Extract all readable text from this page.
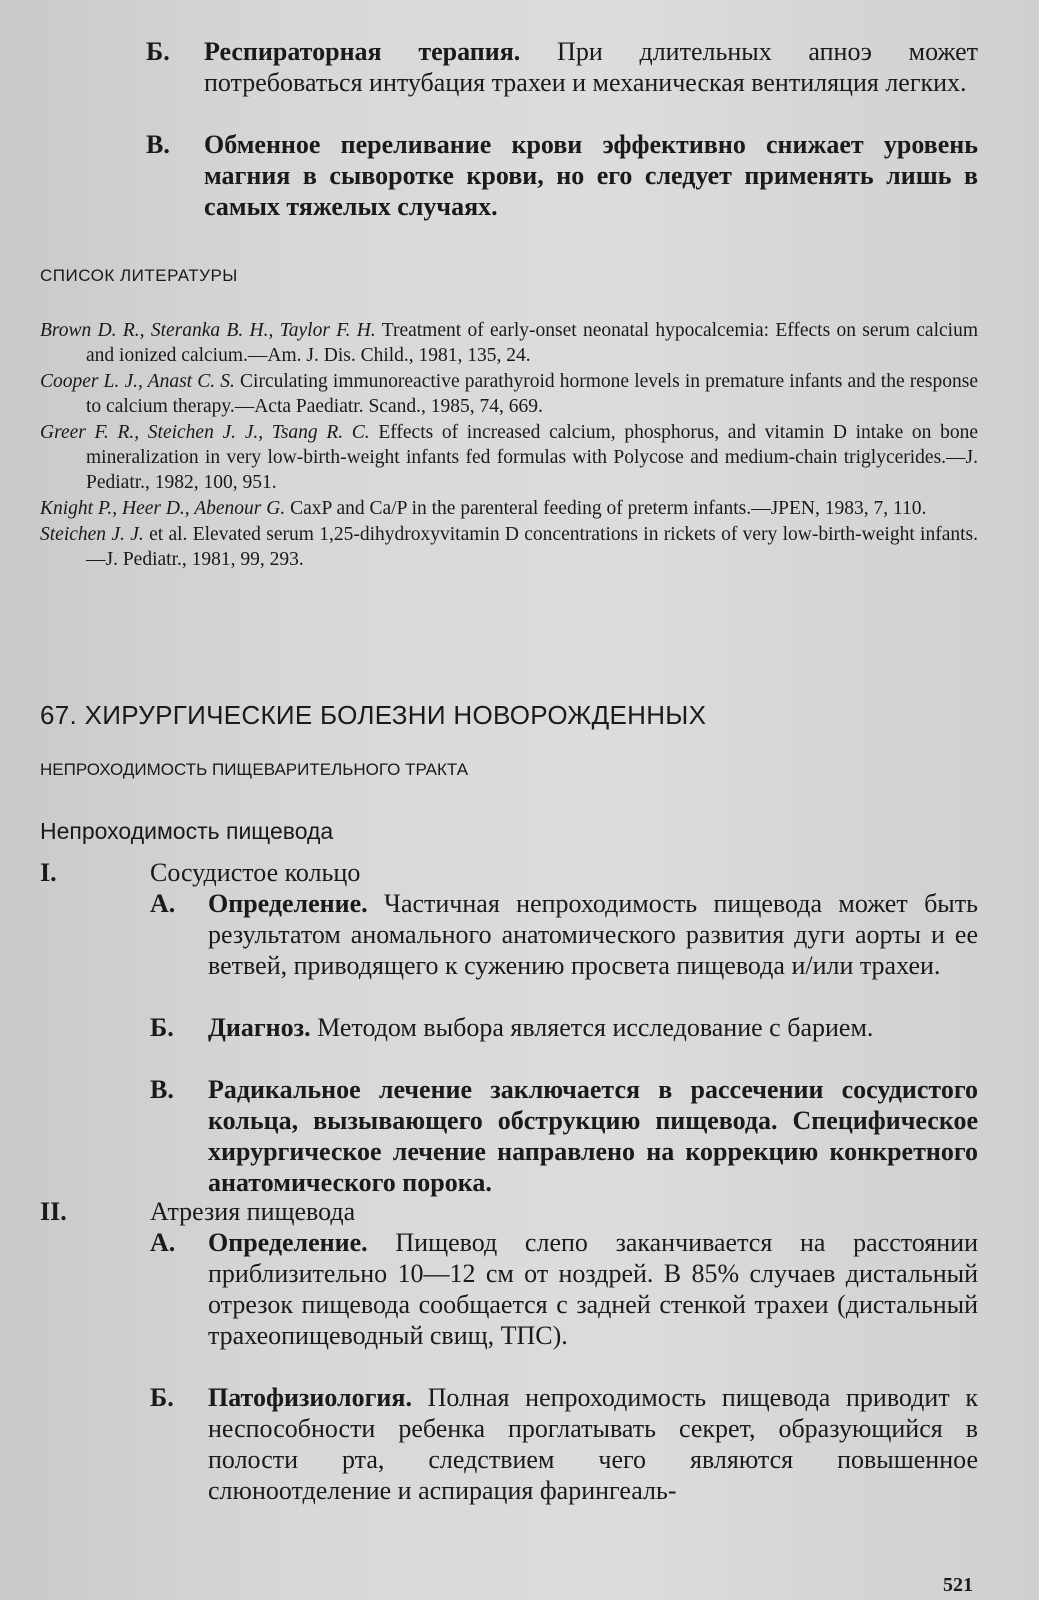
Б. Респираторная терапия. При длительных апноэ может потребоваться интубация трахеи и механическая вентиляция легких.
В. Обменное переливание крови эффективно снижает уровень магния в сыворотке крови, но его следует применять лишь в самых тяжелых случаях.
СПИСОК ЛИТЕРАТУРЫ

Brown D. R., Steranka B. H., Taylor F. H. Treatment of early-onset neonatal hypocalcemia: Effects on serum calcium and ionized calcium.—Am. J. Dis. Child., 1981, 135, 24.

Cooper L. J., Anast C. S. Circulating immunoreactive parathyroid hormone levels in premature infants and the response to calcium therapy.—Acta Paediatr. Scand., 1985, 74, 669.

Greer F. R., Steichen J. J., Tsang R. C. Effects of increased calcium, phosphorus, and vitamin D intake on bone mineralization in very low-birth-weight infants fed formulas with Polycose and medium-chain triglycerides.—J. Pediatr., 1982, 100, 951.

Knight P., Heer D., Abenour G. CaxP and Ca/P in the parenteral feeding of preterm infants.—JPEN, 1983, 7, 110.

Steichen J. J. et al. Elevated serum 1,25-dihydroxyvitamin D concentrations in rickets of very low-birth-weight infants.—J. Pediatr., 1981, 99, 293.

67. ХИРУРГИЧЕСКИЕ БОЛЕЗНИ НОВОРОЖДЕННЫХ
НЕПРОХОДИМОСТЬ ПИЩЕВАРИТЕЛЬНОГО ТРАКТА
Непроходимость пищевода
I.	Сосудистое кольцо
А. Определение. Частичная непроходимость пищевода может быть результатом аномального анатомического развития дуги аорты и ее ветвей, приводящего к сужению просвета пищевода и/или трахеи.
Б. Диагноз. Методом выбора является исследование с барием.
В. Радикальное лечение заключается в рассечении сосудистого кольца, вызывающего обструкцию пищевода. Специфическое хирургическое лечение направлено на коррекцию конкретного анатомического порока.
II.	Атрезия пищевода
А. Определение. Пищевод слепо заканчивается на расстоянии приблизительно 10—12 см от ноздрей. В 85% случаев дистальный отрезок пищевода сообщается с задней стенкой трахеи (дистальный трахеопищеводный свищ, ТПС).
Б. Патофизиология. Полная непроходимость пищевода приводит к неспособности ребенка проглатывать секрет, образующийся в полости рта, следствием чего являются повышенное слюноотделение и аспирация фарингеаль-
521
